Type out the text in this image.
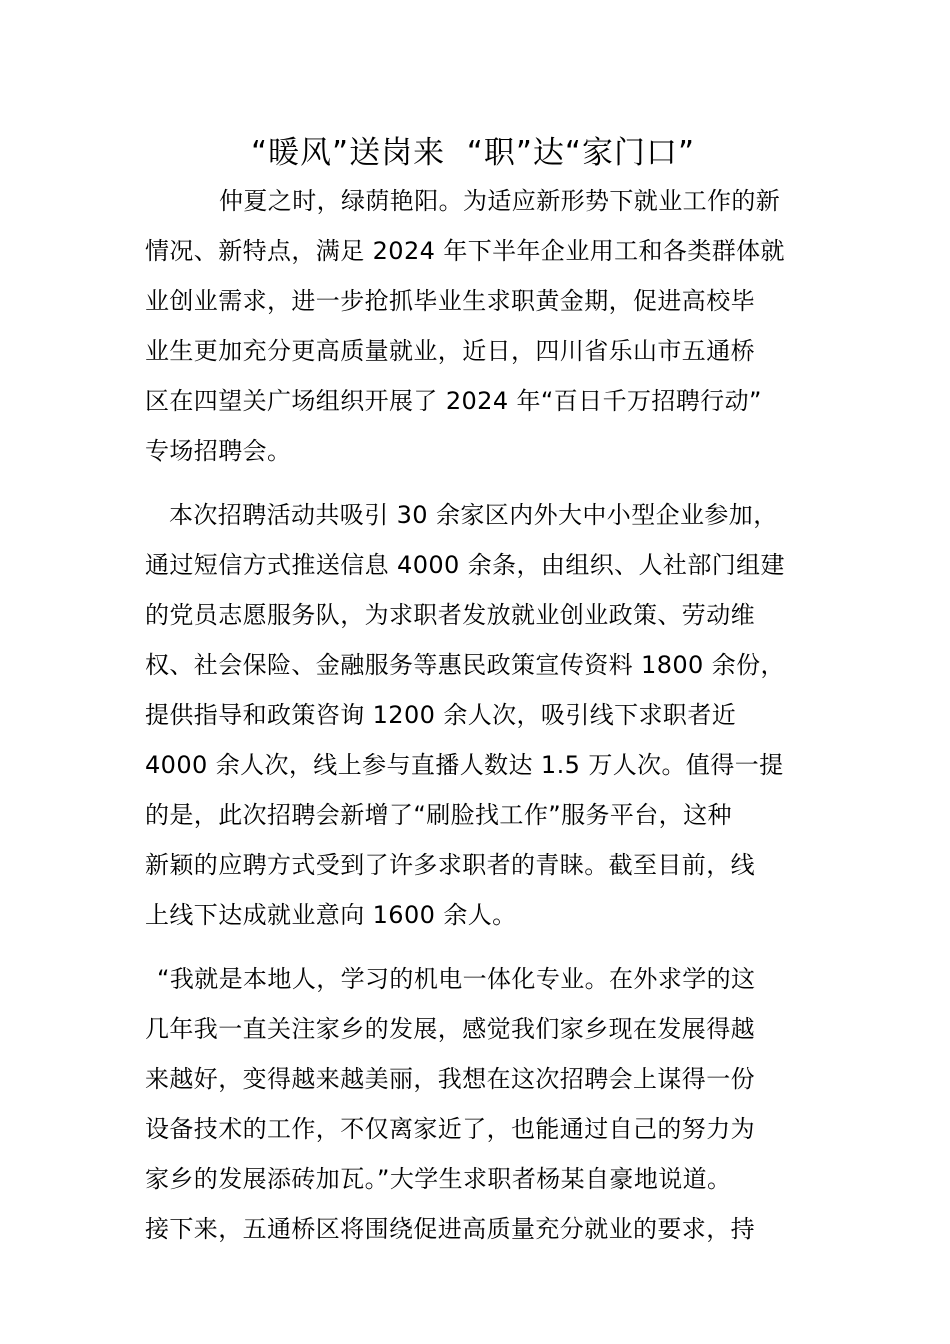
“暖风”送岗来  “职”达“家门口”
仲夏之时，绿荫艳阳。为适应新形势下就业工作的新
情况、新特点，满足 2024 年下半年企业用工和各类群体就
业创业需求，进一步抢抓毕业生求职黄金期，促进高校毕
业生更加充分更高质量就业，近日，四川省乐山市五通桥
区在四望关广场组织开展了 2024 年“百日千万招聘行动”
专场招聘会。
本次招聘活动共吸引 30 余家区内外大中小型企业参加，
通过短信方式推送信息 4000 余条，由组织、人社部门组建
的党员志愿服务队，为求职者发放就业创业政策、劳动维
权、社会保险、金融服务等惠民政策宣传资料 1800 余份，
提供指导和政策咨询 1200 余人次，吸引线下求职者近
4000 余人次，线上参与直播人数达 1.5 万人次。值得一提
的是，此次招聘会新增了“刷脸找工作”服务平台，这种
新颖的应聘方式受到了许多求职者的青睐。截至目前，线
上线下达成就业意向 1600 余人。
“我就是本地人，学习的机电一体化专业。在外求学的这
几年我一直关注家乡的发展，感觉我们家乡现在发展得越
来越好，变得越来越美丽，我想在这次招聘会上谋得一份
设备技术的工作，不仅离家近了，也能通过自己的努力为
家乡的发展添砖加瓦。”大学生求职者杨某自豪地说道。
接下来，五通桥区将围绕促进高质量充分就业的要求，持
